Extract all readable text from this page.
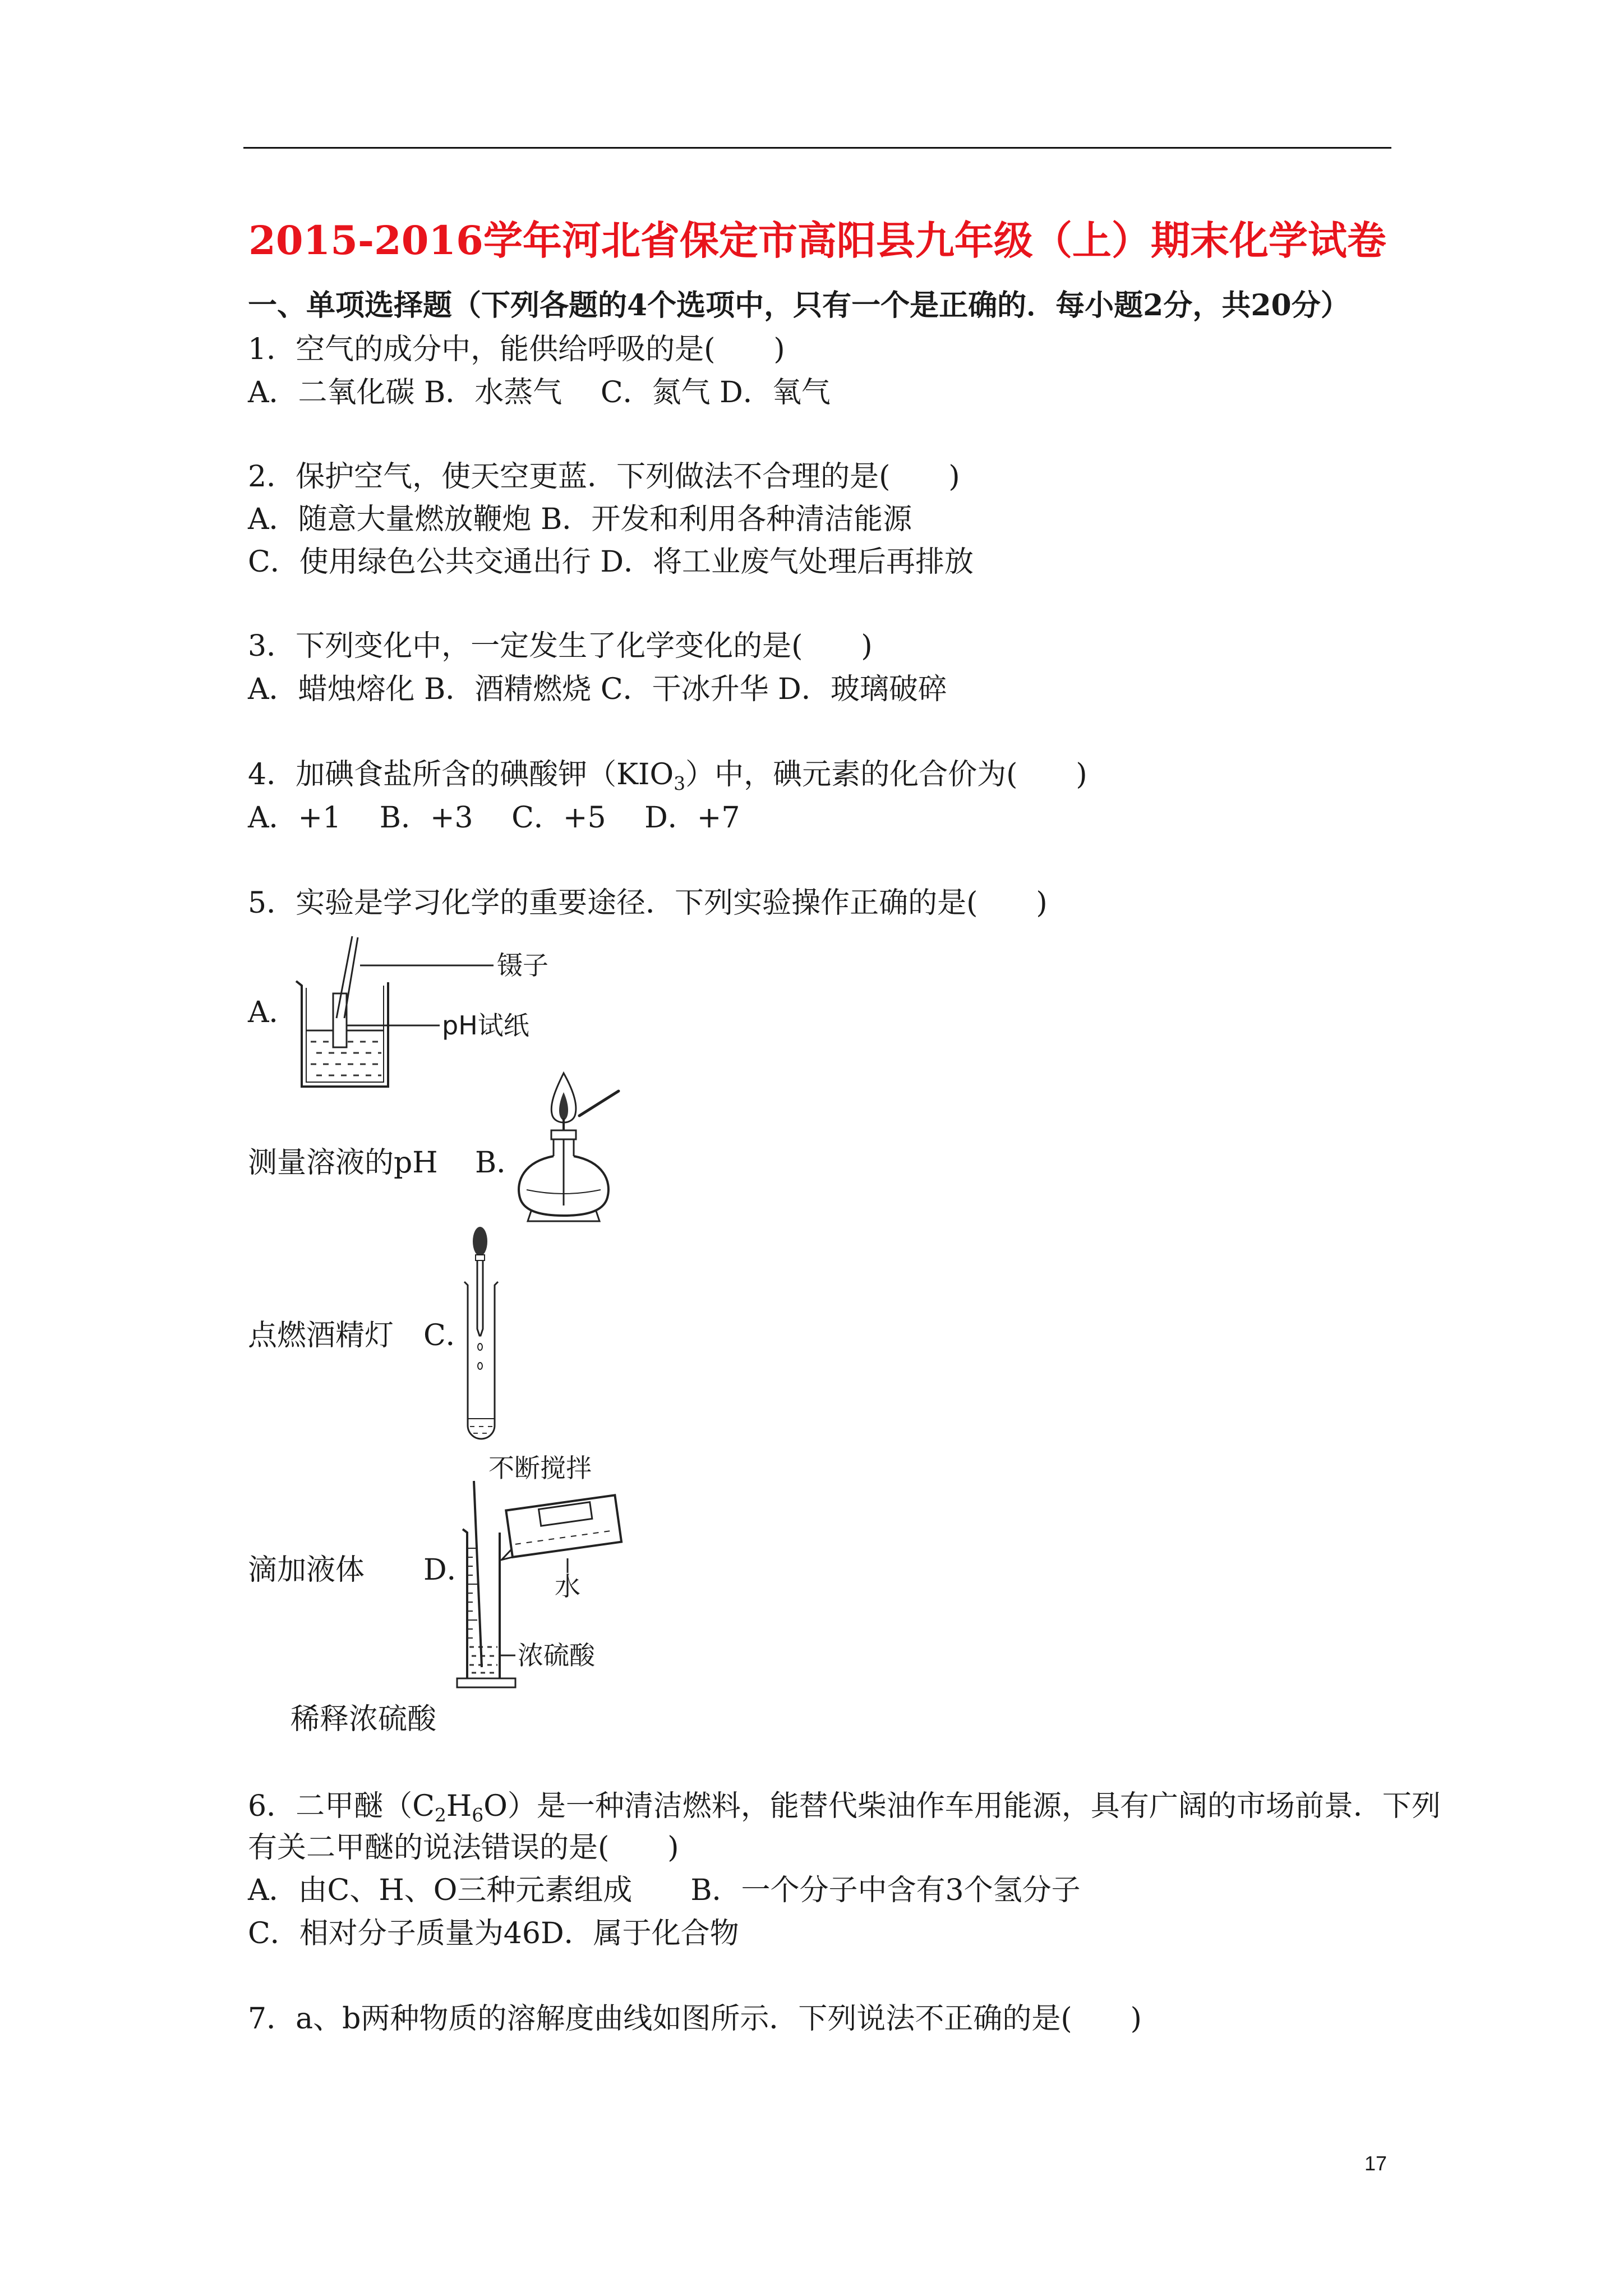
2015-2016学年河北省保定市高阳县九年级（上）期末化学试卷
一、单项选择题（下列各题的4个选项中，只有一个是正确的．每小题2分，共20分）
1．空气的成分中，能供给呼吸的是(　　)
A．二氧化碳 B．水蒸气　 C．氮气 D．氧气
2．保护空气，使天空更蓝．下列做法不合理的是(　　)
A．随意大量燃放鞭炮 B．开发和利用各种清洁能源
C．使用绿色公共交通出行 D．将工业废气处理后再排放
3．下列变化中，一定发生了化学变化的是(　　)
A．蜡烛熔化 B．酒精燃烧 C．干冰升华 D．玻璃破碎
4．加碘食盐所含的碘酸钾（KIO3）中，碘元素的化合价为(　　)
A．+1　 B．+3　 C．+5　 D．+7
5．实验是学习化学的重要途径．下列实验操作正确的是(　　)
A．
镊子
pH试纸
测量溶液的pH B．
点燃酒精灯 C．
滴加液体 D．
不断搅拌
水
浓硫酸
稀释浓硫酸
6．二甲醚（C2H6O）是一种清洁燃料，能替代柴油作车用能源，具有广阔的市场前景．下列
有关二甲醚的说法错误的是(　　)
A．由C、H、O三种元素组成　　B．一个分子中含有3个氢分子
C．相对分子质量为46D．属于化合物
7．a、b两种物质的溶解度曲线如图所示．下列说法不正确的是(　　)
17
